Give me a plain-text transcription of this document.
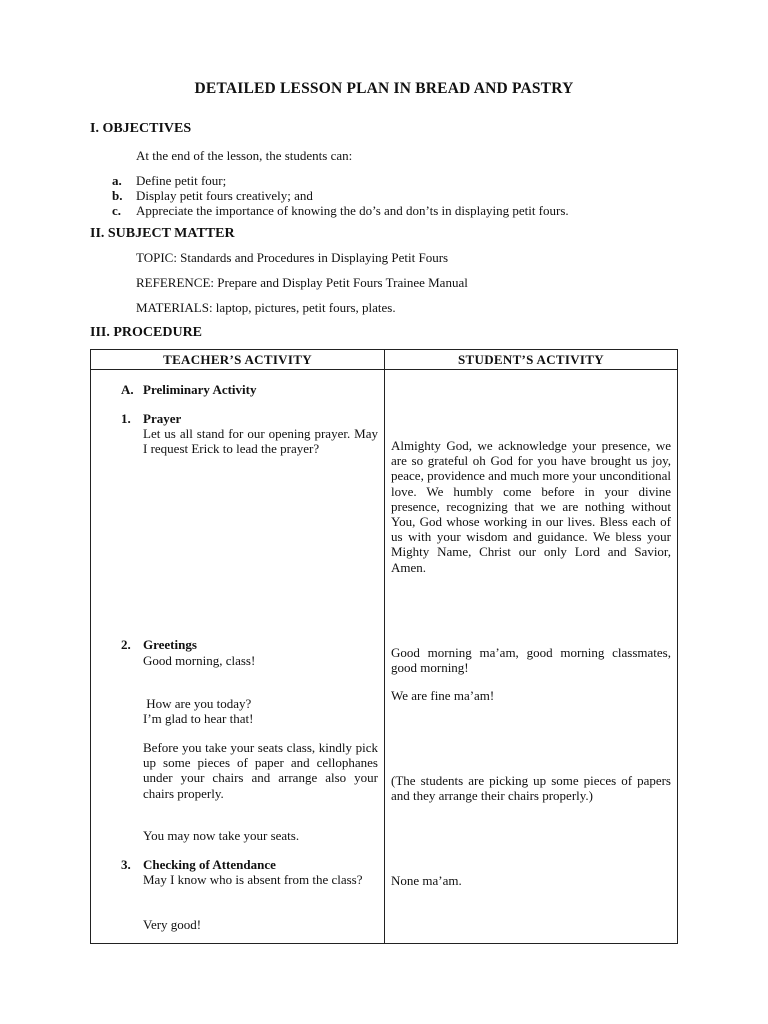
DETAILED LESSON PLAN IN BREAD AND PASTRY
I. OBJECTIVES
At the end of the lesson, the students can:
a. Define petit four;
b. Display petit fours creatively; and
c. Appreciate the importance of knowing the do’s and don’ts in displaying petit fours.
II. SUBJECT MATTER
TOPIC: Standards and Procedures in Displaying Petit Fours
REFERENCE: Prepare and Display Petit Fours Trainee Manual
MATERIALS: laptop, pictures, petit fours, plates.
III. PROCEDURE
TEACHER’S ACTIVITY	STUDENT’S ACTIVITY
A. Preliminary Activity
1. Prayer
Let us all stand for our opening prayer. May I request Erick to lead the prayer?
2. Greetings
Good morning, class!
How are you today?
I’m glad to hear that!
Before you take your seats class, kindly pick up some pieces of paper and cellophanes under your chairs and arrange also your chairs properly.
You may now take your seats.
3. Checking of Attendance
May I know who is absent from the class?
Very good!
Almighty God, we acknowledge your presence, we are so grateful oh God for you have brought us joy, peace, providence and much more your unconditional love. We humbly come before in your divine presence, recognizing that we are nothing without You, God whose working in our lives. Bless each of us with your wisdom and guidance. We bless your Mighty Name, Christ our only Lord and Savior, Amen.
Good morning ma’am, good morning classmates, good morning!
We are fine ma’am!
(The students are picking up some pieces of papers and they arrange their chairs properly.)
None ma’am.
